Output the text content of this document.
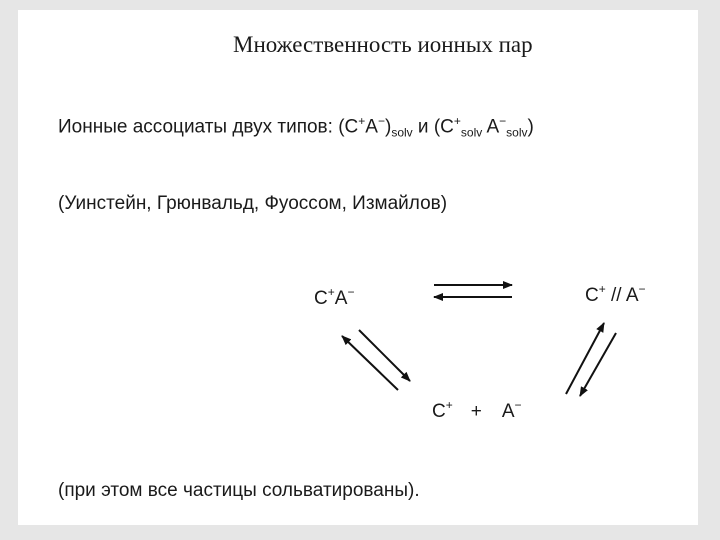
Множественность ионных пар
Ионные ассоциаты двух типов: $(C^+A^-)_{solv}$ и ($C^+_{solv}$ $A^-_{solv}$)
(Уинстейн, Грюнвальд, Фуоссом, Измайлов)
C+A−	C+ // A−
C+ + A−
(при этом все частицы сольватированы).
